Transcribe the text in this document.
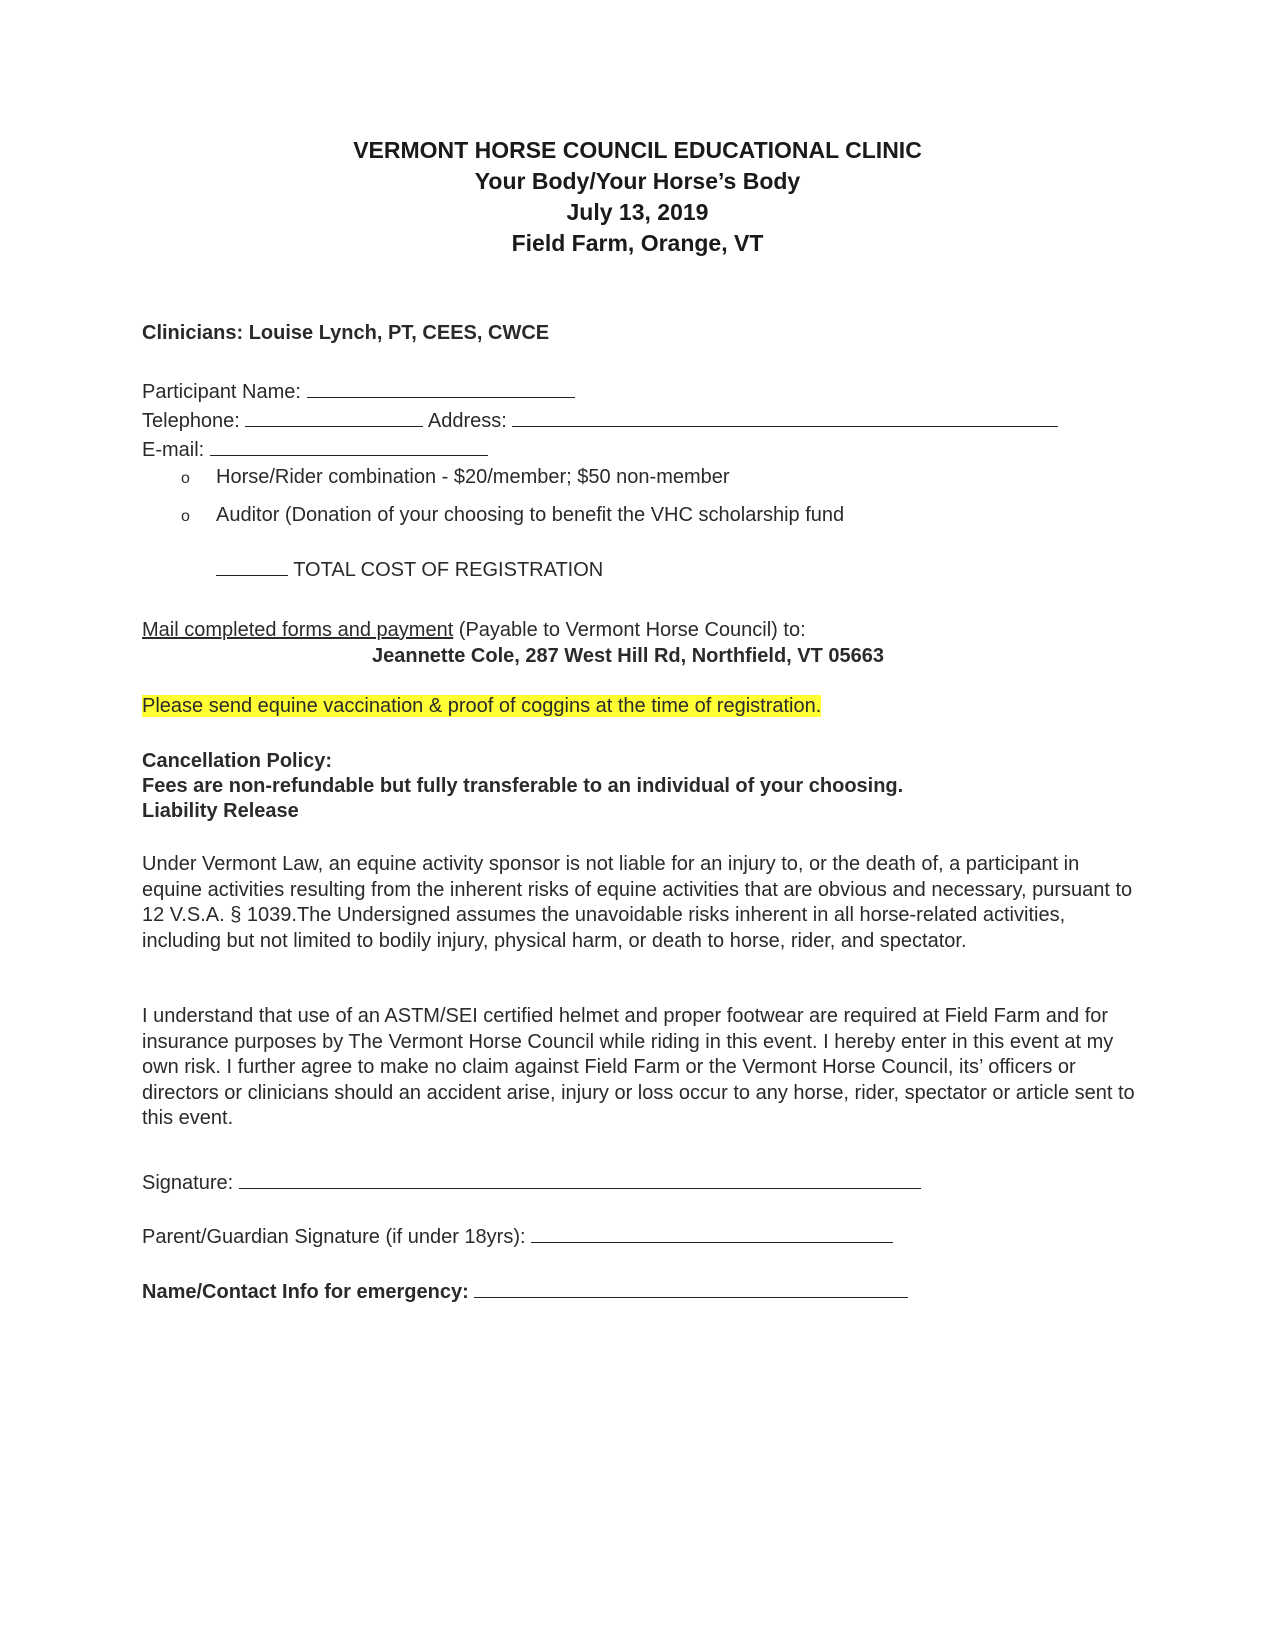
VERMONT HORSE COUNCIL EDUCATIONAL CLINIC
Your Body/Your Horse’s Body
July 13, 2019
Field Farm, Orange, VT
Clinicians: Louise Lynch, PT, CEES, CWCE
Participant Name:
Telephone:	Address:
E-mail:
o Horse/Rider combination - $20/member; $50 non-member
o Auditor (Donation of your choosing to benefit the VHC scholarship fund
TOTAL COST OF REGISTRATION
Mail completed forms and payment (Payable to Vermont Horse Council) to:
Jeannette Cole, 287 West Hill Rd, Northfield, VT 05663
Please send equine vaccination & proof of coggins at the time of registration.
Cancellation Policy:
Fees are non-refundable but fully transferable to an individual of your choosing.
Liability Release
Under Vermont Law, an equine activity sponsor is not liable for an injury to, or the death of, a participant in equine activities resulting from the inherent risks of equine activities that are obvious and necessary, pursuant to 12 V.S.A. § 1039.The Undersigned assumes the unavoidable risks inherent in all horse-related activities, including but not limited to bodily injury, physical harm, or death to horse, rider, and spectator.
I understand that use of an ASTM/SEI certified helmet and proper footwear are required at Field Farm and for insurance purposes by The Vermont Horse Council while riding in this event. I hereby enter in this event at my own risk. I further agree to make no claim against Field Farm or the Vermont Horse Council, its’ officers or directors or clinicians should an accident arise, injury or loss occur to any horse, rider, spectator or article sent to this event.
Signature:
Parent/Guardian Signature (if under 18yrs):
Name/Contact Info for emergency:
